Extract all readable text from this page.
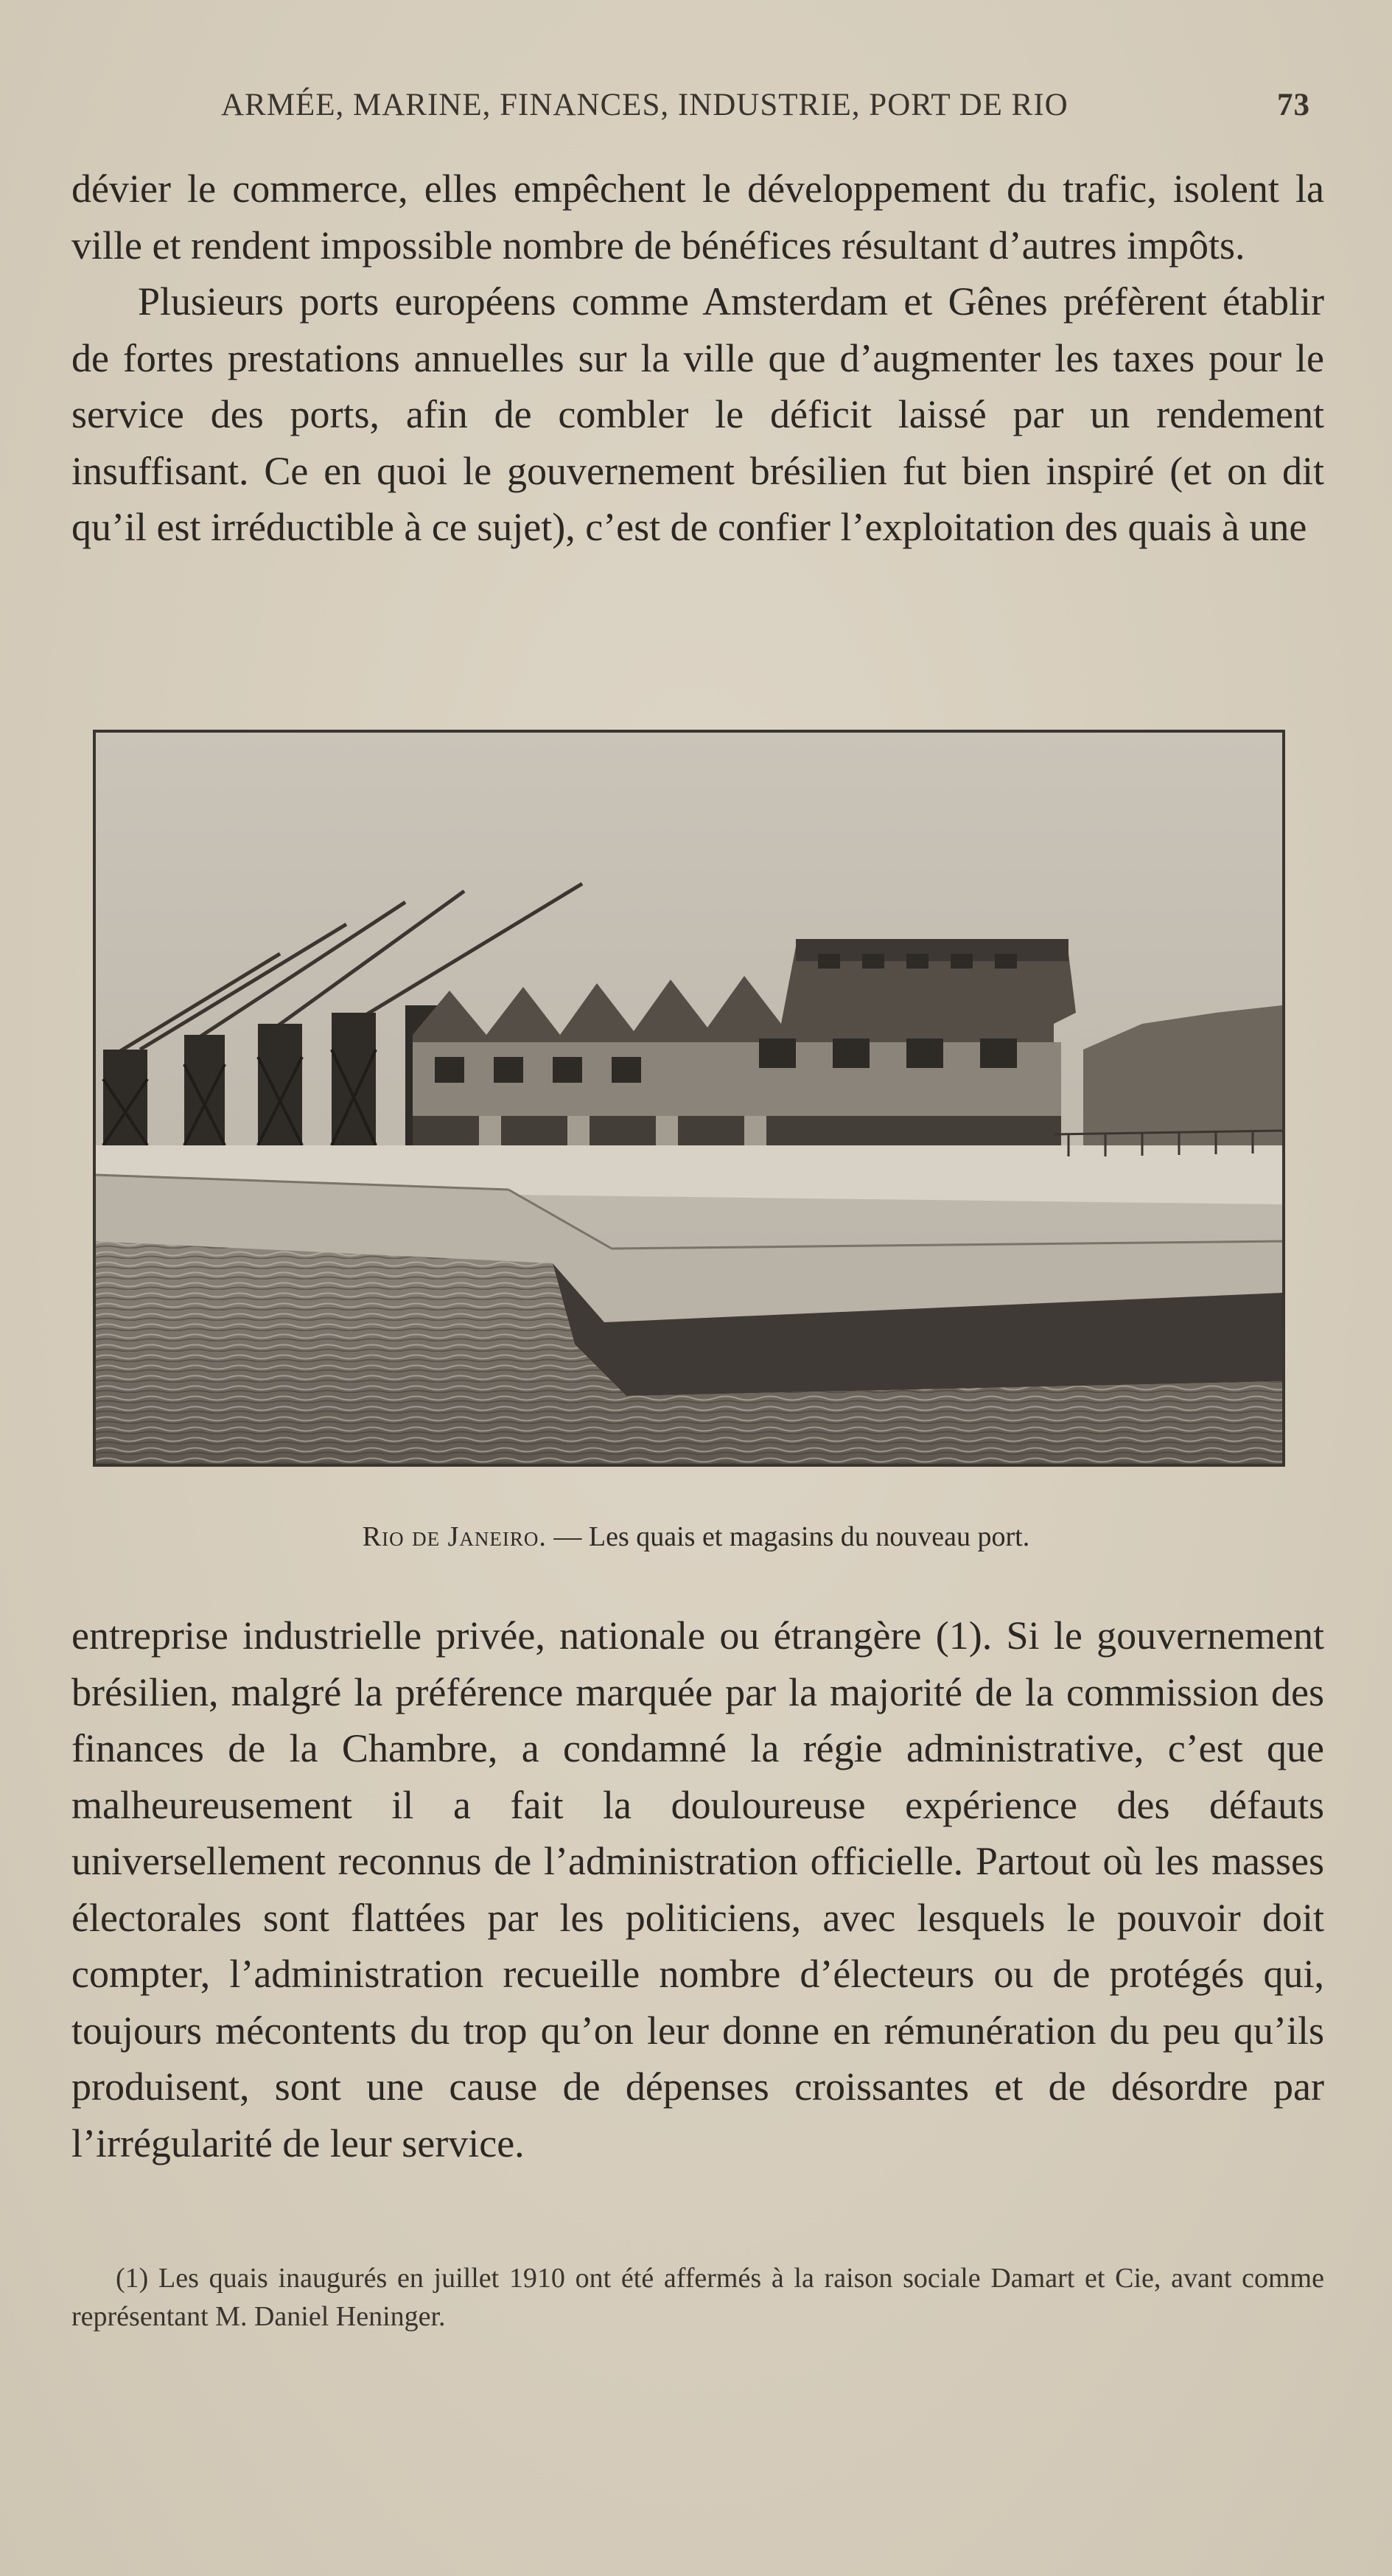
ARMÉE, MARINE, FINANCES, INDUSTRIE, PORT DE RIO	73

dévier le commerce, elles empêchent le développement du trafic, isolent la ville et rendent impossible nombre de bénéfices résultant d’autres impôts.

Plusieurs ports européens comme Amsterdam et Gênes préfèrent établir de fortes prestations annuelles sur la ville que d’augmenter les taxes pour le service des ports, afin de combler le déficit laissé par un rendement insuffisant. Ce en quoi le gouvernement brésilien fut bien inspiré (et on dit qu’il est irréductible à ce sujet), c’est de confier l’exploitation des quais à une

Rio de Janeiro. — Les quais et magasins du nouveau port.

entreprise industrielle privée, nationale ou étrangère (1). Si le gouvernement brésilien, malgré la préférence marquée par la majorité de la commission des finances de la Chambre, a condamné la régie administrative, c’est que malheureusement il a fait la douloureuse expérience des défauts universellement reconnus de l’administration officielle. Partout où les masses électorales sont flattées par les politiciens, avec lesquels le pouvoir doit compter, l’administration recueille nombre d’électeurs ou de protégés qui, toujours mécontents du trop qu’on leur donne en rémunération du peu qu’ils produisent, sont une cause de dépenses croissantes et de désordre par l’irrégularité de leur service.

(1) Les quais inaugurés en juillet 1910 ont été affermés à la raison sociale Damart et Cie, avant comme représentant M. Daniel Heninger.
